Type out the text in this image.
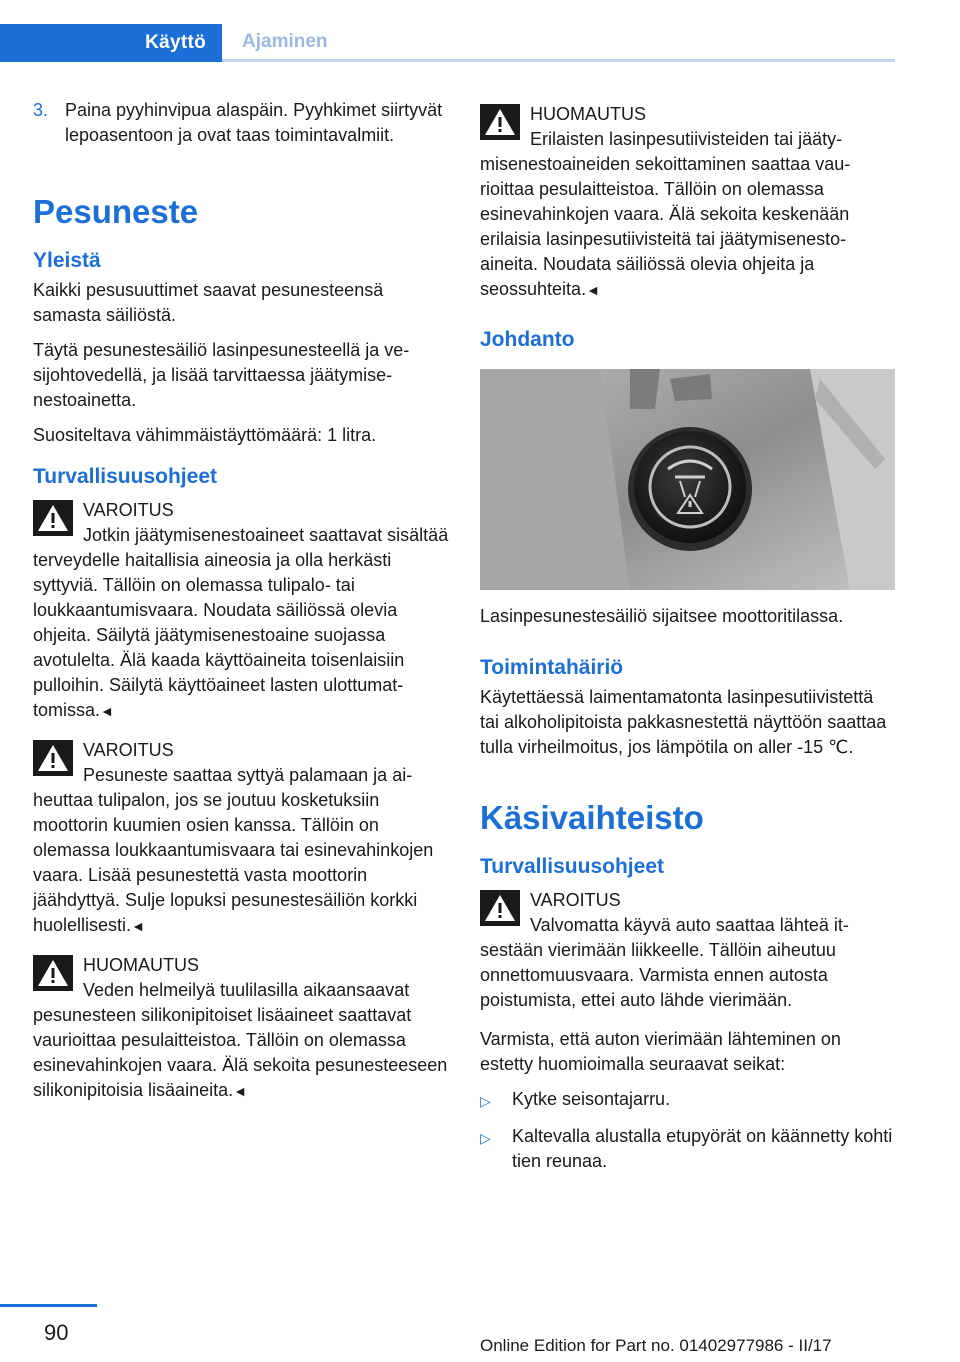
Käyttö	Ajaminen
3. Paina pyyhinvipua alaspäin. Pyyhkimet siirtyvät lepoasentoon ja ovat taas toimintavalmiit.
Pesuneste
Yleistä

Kaikki pesusuuttimet saavat pesunesteensä samasta säiliöstä.

Täytä pesunestesäiliö lasinpesunesteellä ja vesijohtovedellä, ja lisää tarvittaessa jäätymisenestoainetta.

Suositeltava vähimmäistäyttömäärä: 1 litra.

Turvallisuusohjeet
VAROITUS
Jotkin jäätymisenestoaineet saattavat sisältää terveydelle haitallisia aineosia ja olla herkästi syttyviä. Tällöin on olemassa tulipalo- tai loukkaantumisvaara. Noudata säiliössä olevia ohjeita. Säilytä jäätymisenestoaine suojassa avotulelta. Älä kaada käyttöaineita toisenlaisiin pulloihin. Säilytä käyttöaineet lasten ulottumattomissa.◄
VAROITUS
Pesuneste saattaa syttyä palamaan ja aiheuttaa tulipalon, jos se joutuu kosketuksiin moottorin kuumien osien kanssa. Tällöin on olemassa loukkaantumisvaara tai esinevahinkojen vaara. Lisää pesunestettä vasta moottorin jäähdyttyä. Sulje lopuksi pesunestesäiliön korkki huolellisesti.◄
HUOMAUTUS
Veden helmeilyä tuulilasilla aikaansaavat pesunesteen silikonipitoiset lisäaineet saattavat vaurioittaa pesulaitteistoa. Tällöin on olemassa esinevahinkojen vaara. Älä sekoita pesunesteeseen silikonipitoisia lisäaineita.◄
HUOMAUTUS
Erilaisten lasinpesutiivisteiden tai jäätymisenestoaineiden sekoittaminen saattaa vaurioittaa pesulaitteistoa. Tällöin on olemassa esinevahinkojen vaara. Älä sekoita keskenään erilaisia lasinpesutiivisteitä tai jäätymisenestoaineita. Noudata säiliössä olevia ohjeita ja seossuhteita.◄
Johdanto
Lasinpesunestesäiliö sijaitsee moottoritilassa.
Toimintahäiriö

Käytettäessä laimentamatonta lasinpesutiivistettä tai alkoholipitoista pakkasnestettä näyttöön saattaa tulla virheilmoitus, jos lämpötila on aller -15 ℃.

Käsivaihteisto
Turvallisuusohjeet
VAROITUS
Valvomatta käyvä auto saattaa lähteä itsestään vierimään liikkeelle. Tällöin aiheutuu onnettomuusvaara. Varmista ennen autosta poistumista, ettei auto lähde vierimään.

Varmista, että auton vierimään lähteminen on estetty huomioimalla seuraavat seikat:

▷	Kytke seisontajarru.
▷	Kaltevalla alustalla etupyörät on käännetty kohti tien reunaa.
90
Online Edition for Part no. 01402977986 - II/17
